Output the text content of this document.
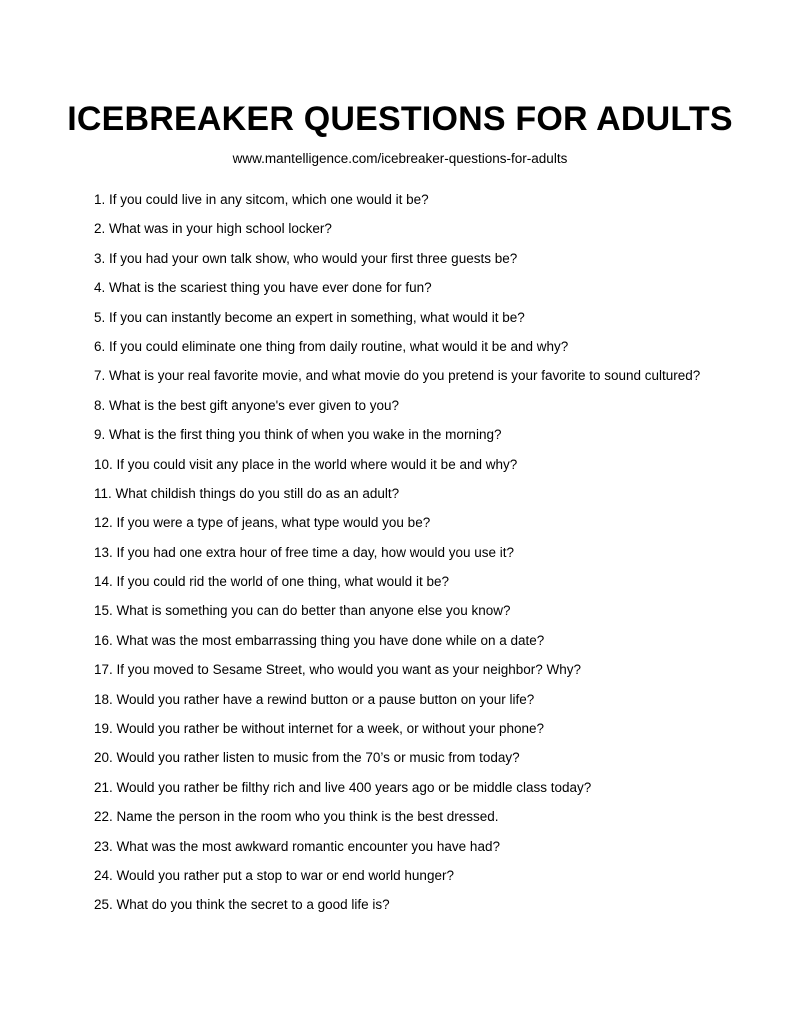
ICEBREAKER QUESTIONS FOR ADULTS

www.mantelligence.com/icebreaker-questions-for-adults

1. If you could live in any sitcom, which one would it be?
2. What was in your high school locker?
3. If you had your own talk show, who would your first three guests be?
4. What is the scariest thing you have ever done for fun?
5. If you can instantly become an expert in something, what would it be?
6. If you could eliminate one thing from daily routine, what would it be and why?
7. What is your real favorite movie, and what movie do you pretend is your favorite to sound cultured?
8. What is the best gift anyone's ever given to you?
9. What is the first thing you think of when you wake in the morning?
10. If you could visit any place in the world where would it be and why?
11. What childish things do you still do as an adult?
12. If you were a type of jeans, what type would you be?
13. If you had one extra hour of free time a day, how would you use it?
14. If you could rid the world of one thing, what would it be?
15. What is something you can do better than anyone else you know?
16. What was the most embarrassing thing you have done while on a date?
17. If you moved to Sesame Street, who would you want as your neighbor? Why?
18. Would you rather have a rewind button or a pause button on your life?
19. Would you rather be without internet for a week, or without your phone?
20. Would you rather listen to music from the 70’s or music from today?
21. Would you rather be filthy rich and live 400 years ago or be middle class today?
22. Name the person in the room who you think is the best dressed.
23. What was the most awkward romantic encounter you have had?
24. Would you rather put a stop to war or end world hunger?
25. What do you think the secret to a good life is?
